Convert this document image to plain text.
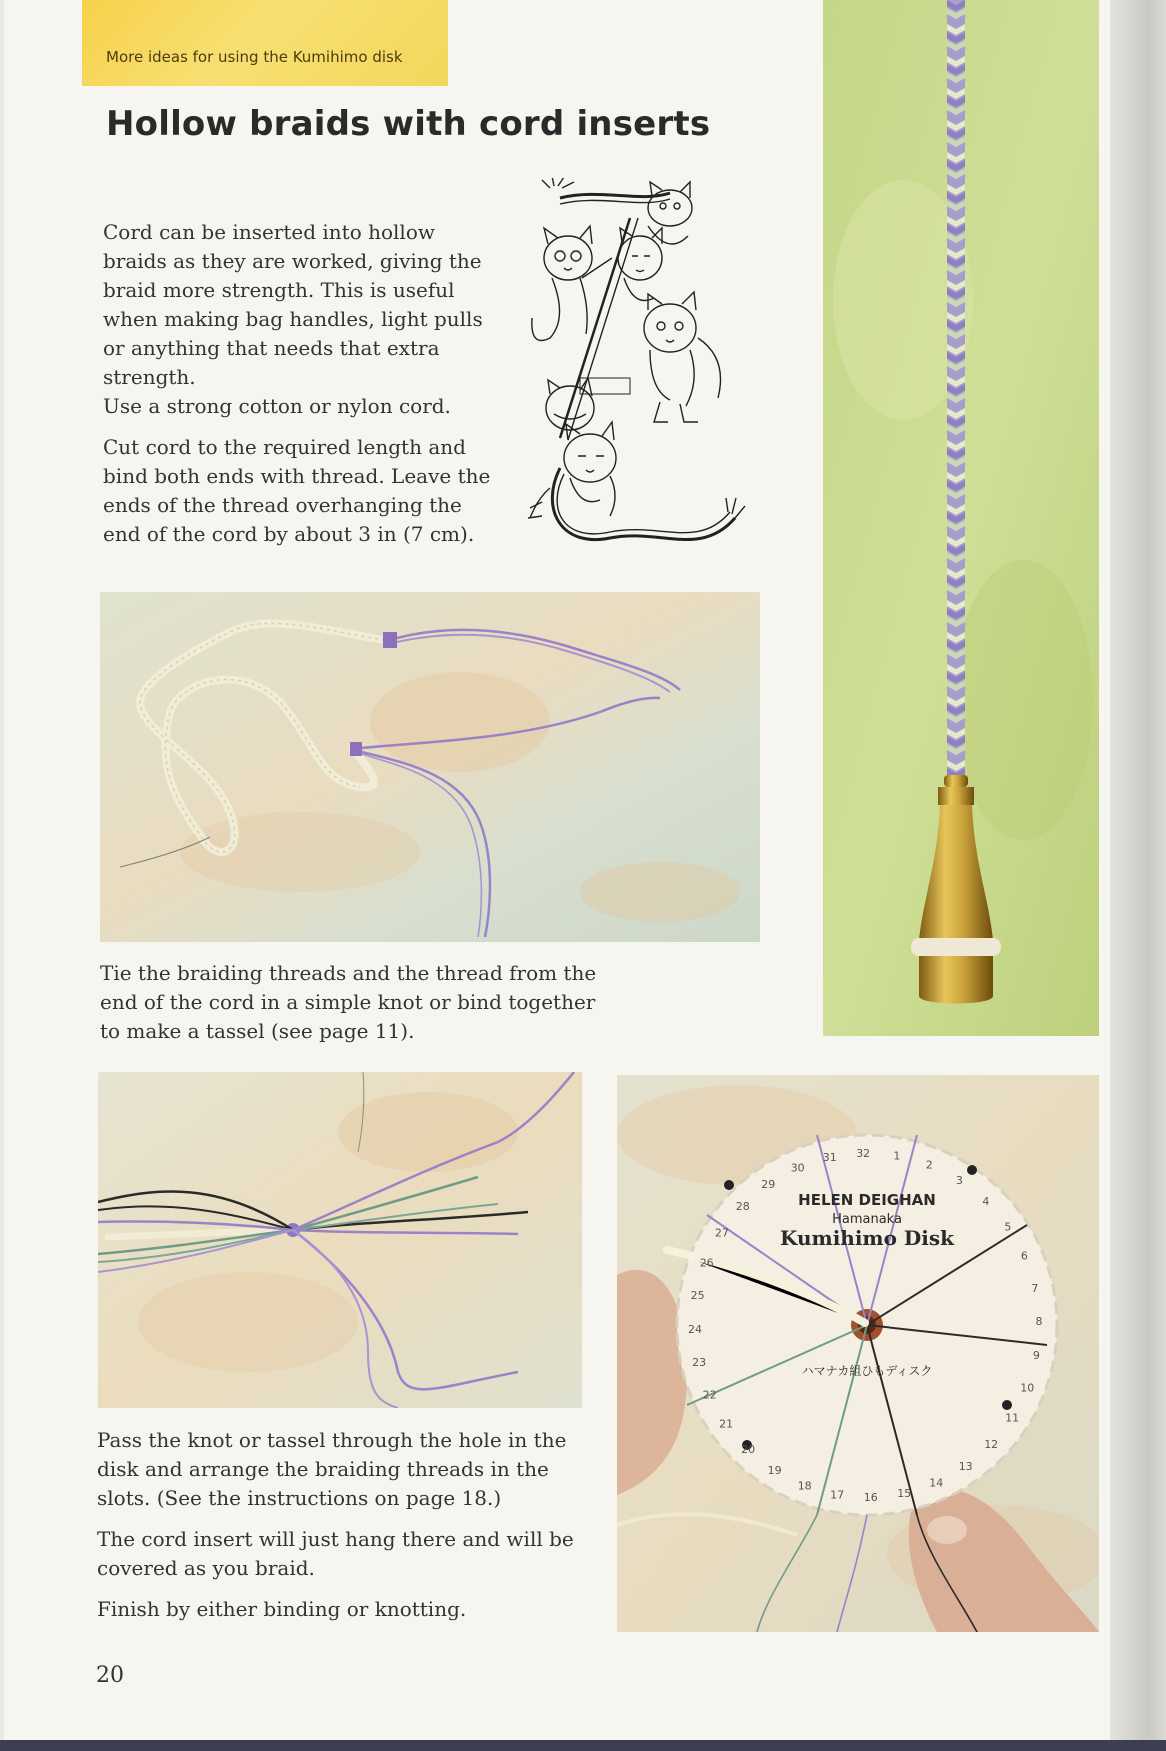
More ideas for using the Kumihimo disk
Hollow braids with cord inserts

Cord can be inserted into hollow braids as they are worked, giving the braid more strength. This is useful when making bag handles, light pulls or anything that needs that extra strength.
Use a strong cotton or nylon cord.

Cut cord to the required length and bind both ends with thread. Leave the ends of the thread overhanging the end of the cord by about 3 in (7 cm).

Tie the braiding threads and the thread from the end of the cord in a simple knot or bind together to make a tassel (see page 11).

Pass the knot or tassel through the hole in the disk and arrange the braiding threads in the slots. (See the instructions on page 18.)

The cord insert will just hang there and will be covered as you braid.

Finish by either binding or knotting.

1
2
3
4
5
6
7
8
9
10
11
12
13
14
15
16
17
18
19
20
21
22
23
24
25
26
27
28
29
30
31 32
HELEN DEIGHAN
Hamanaka
Kumihimo Disk
ハマナカ組ひもディスク
20
